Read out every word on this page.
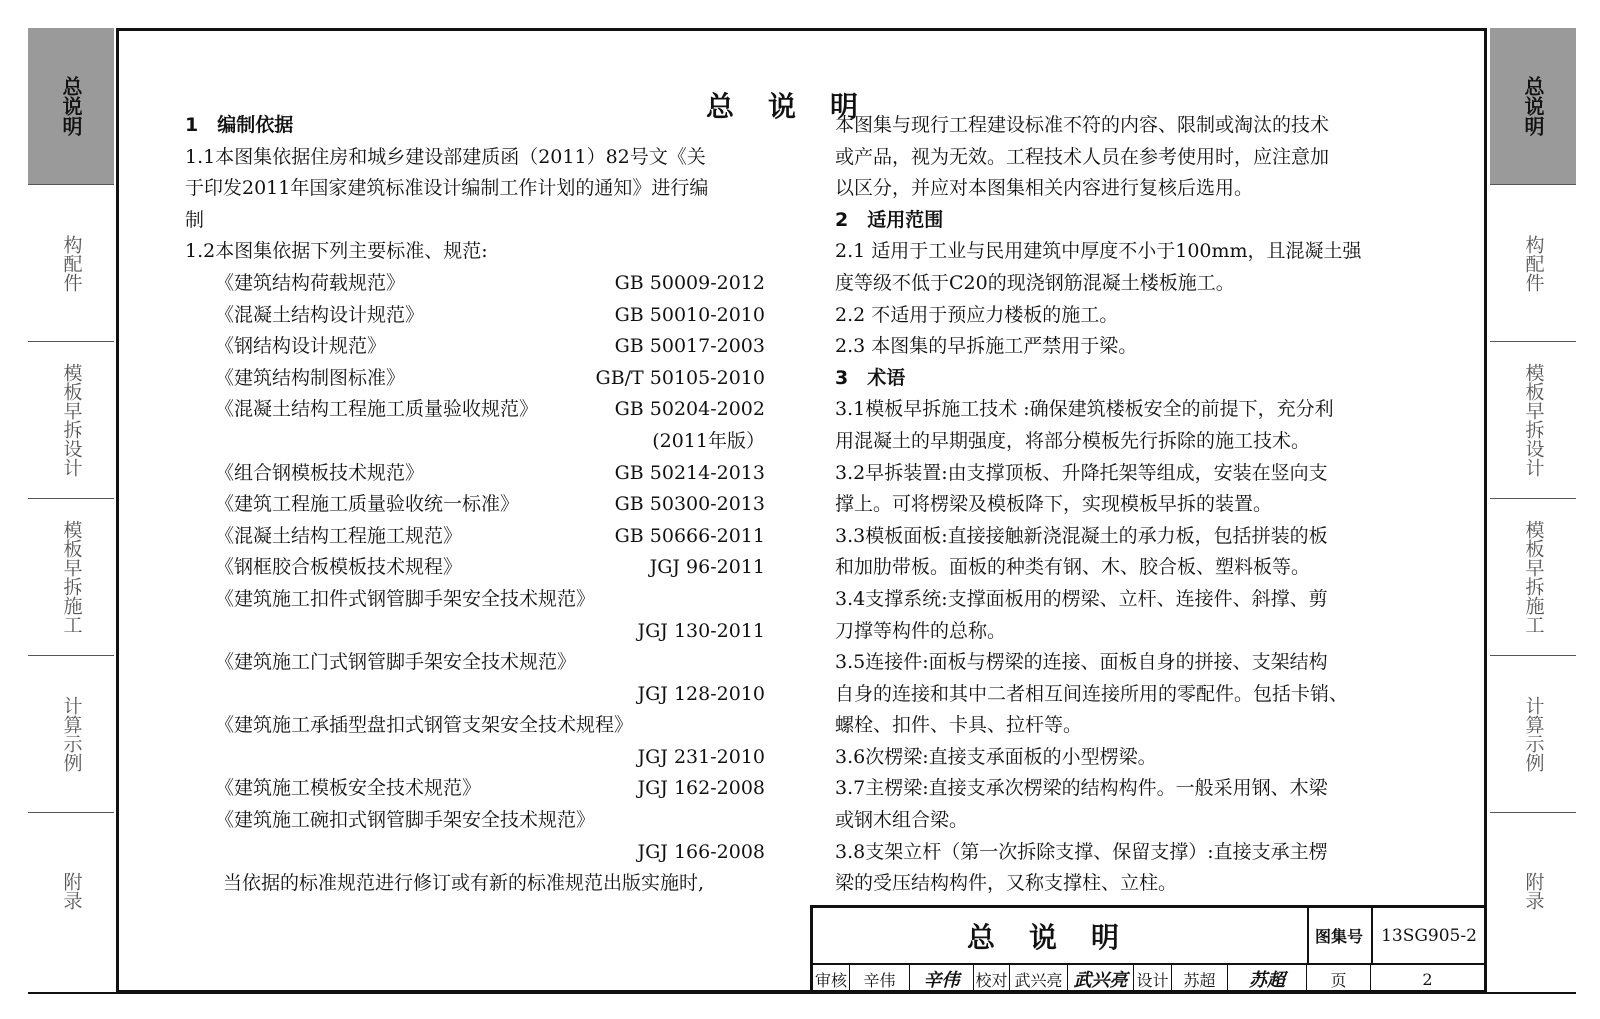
总说明
构配件
模板早拆设计
模板早拆施工
计算示例
附录
总说明
构配件
模板早拆设计
模板早拆施工
计算示例
附录
总说明
1　编制依据
1.1本图集依据住房和城乡建设部建质函（2011）82号文《关
于印发2011年国家建筑标准设计编制工作计划的通知》进行编
制
1.2本图集依据下列主要标准、规范:
《建筑结构荷载规范》	GB 50009-2012
《混凝土结构设计规范》	GB 50010-2010
《钢结构设计规范》	GB 50017-2003
《建筑结构制图标准》	GB/T 50105-2010
《混凝土结构工程施工质量验收规范》	GB 50204-2002
(2011年版）
《组合钢模板技术规范》	GB 50214-2013
《建筑工程施工质量验收统一标准》	GB 50300-2013
《混凝土结构工程施工规范》	GB 50666-2011
《钢框胶合板模板技术规程》	JGJ 96-2011
《建筑施工扣件式钢管脚手架安全技术规范》
JGJ 130-2011
《建筑施工门式钢管脚手架安全技术规范》
JGJ 128-2010
《建筑施工承插型盘扣式钢管支架安全技术规程》
JGJ 231-2010
《建筑施工模板安全技术规范》	JGJ 162-2008
《建筑施工碗扣式钢管脚手架安全技术规范》
JGJ 166-2008
当依据的标准规范进行修订或有新的标准规范出版实施时,
本图集与现行工程建设标准不符的内容、限制或淘汰的技术
或产品，视为无效。工程技术人员在参考使用时，应注意加
以区分，并应对本图集相关内容进行复核后选用。
2　适用范围
2.1 适用于工业与民用建筑中厚度不小于100mm，且混凝土强
度等级不低于C20的现浇钢筋混凝土楼板施工。
2.2 不适用于预应力楼板的施工。
2.3 本图集的早拆施工严禁用于梁。
3　术语
3.1模板早拆施工技术 :确保建筑楼板安全的前提下，充分利
用混凝土的早期强度，将部分模板先行拆除的施工技术。
3.2早拆装置:由支撑顶板、升降托架等组成，安装在竖向支
撑上。可将楞梁及模板降下，实现模板早拆的装置。
3.3模板面板:直接接触新浇混凝土的承力板，包括拼装的板
和加肋带板。面板的种类有钢、木、胶合板、塑料板等。
3.4支撑系统:支撑面板用的楞梁、立杆、连接件、斜撑、剪
刀撑等构件的总称。
3.5连接件:面板与楞梁的连接、面板自身的拼接、支架结构
自身的连接和其中二者相互间连接所用的零配件。包括卡销、
螺栓、扣件、卡具、拉杆等。
3.6次楞梁:直接支承面板的小型楞梁。
3.7主楞梁:直接支承次楞梁的结构构件。一般采用钢、木梁
或钢木组合梁。
3.8支架立杆（第一次拆除支撑、保留支撑）:直接支承主楞
梁的受压结构构件，又称支撑柱、立柱。
总说明	图集号	13SG905-2
审核	辛伟	辛伟 校对 武兴亮 武兴亮 设计 苏超	苏超	页	2
